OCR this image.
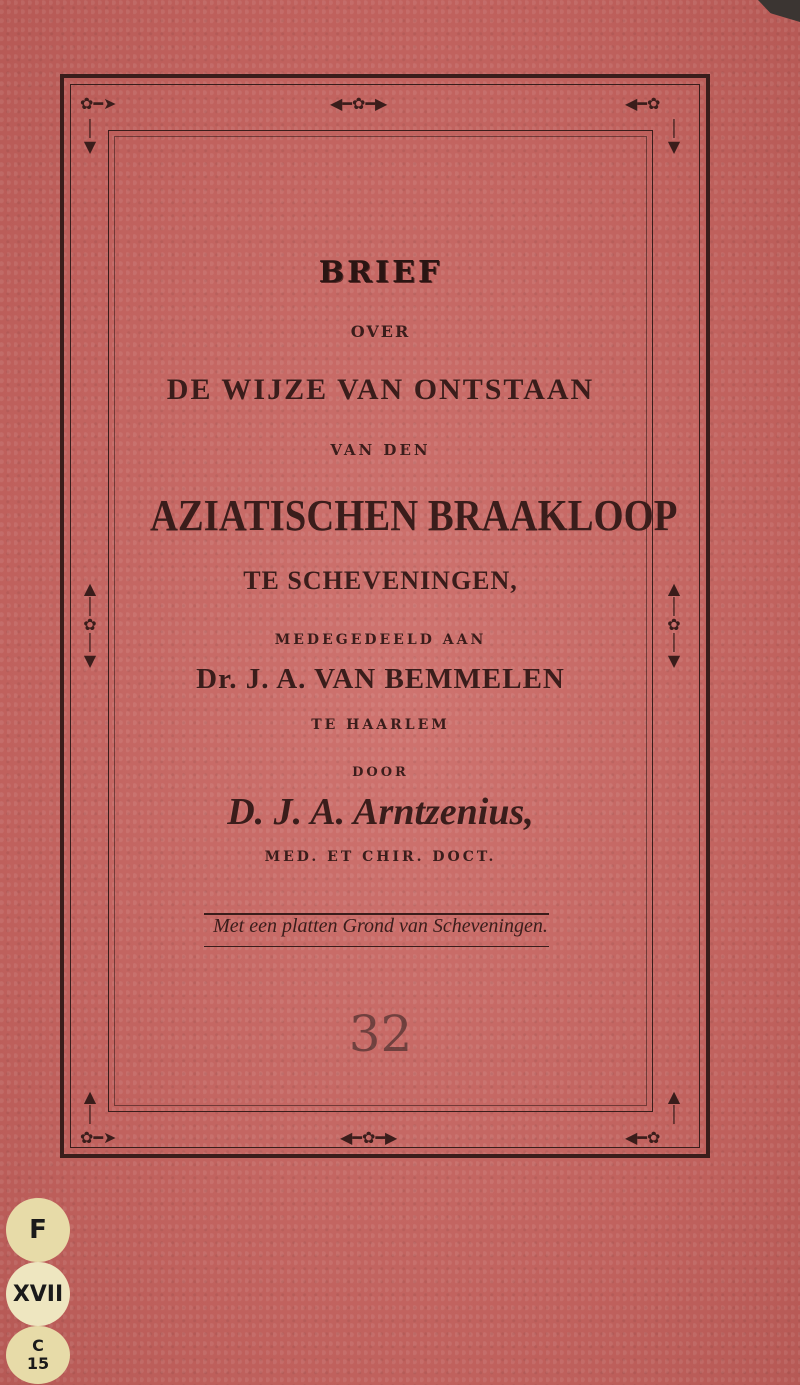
✿━➤	◀━✿━▶	◀━✿
✿━➤	◀━✿━▶	◀━✿
│
▼
│
▼
▲
│
✿
│
▼
▲
│
✿
│
▼
▲
│
▲
│
BRIEF
OVER
DE WIJZE VAN ONTSTAAN
VAN DEN
AZIATISCHEN BRAAKLOOP
TE SCHEVENINGEN,
MEDEGEDEELD AAN
Dr. J. A. VAN BEMMELEN
TE HAARLEM
DOOR
D. J. A. Arntzenius,
MED. ET CHIR. DOCT.
Met een platten Grond van Scheveningen.
32
F
XVII
C
15
